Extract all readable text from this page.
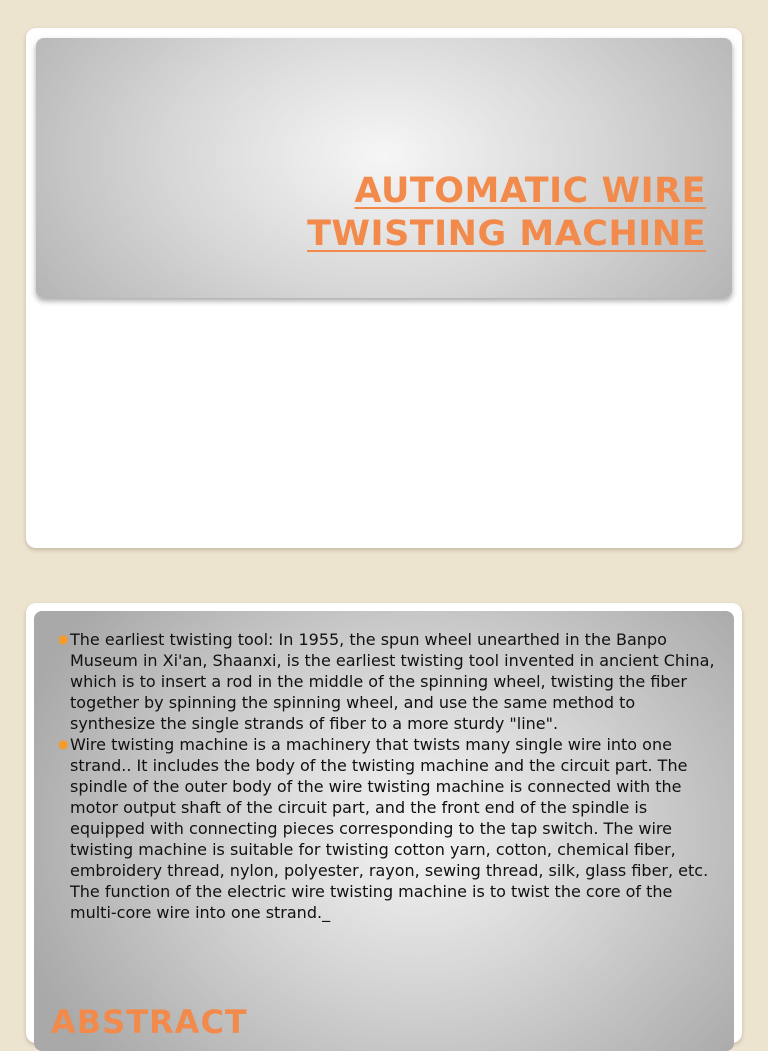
AUTOMATIC WIRE
TWISTING MACHINE
● The earliest twisting tool: In 1955, the spun wheel unearthed in the Banpo Museum in Xi'an, Shaanxi, is the earliest twisting tool invented in ancient China, which is to insert a rod in the middle of the spinning wheel, twisting the fiber together by spinning the spinning wheel, and use the same method to synthesize the single strands of fiber to a more sturdy "line".
● Wire twisting machine is a machinery that twists many single wire into one strand.. It includes the body of the twisting machine and the circuit part. The spindle of the outer body of the wire twisting machine is connected with the motor output shaft of the circuit part, and the front end of the spindle is equipped with connecting pieces corresponding to the tap switch. The wire twisting machine is suitable for twisting cotton yarn, cotton, chemical fiber, embroidery thread, nylon, polyester, rayon, sewing thread, silk, glass fiber, etc. The function of the electric wire twisting machine is to twist the core of the multi-core wire into one strand._
ABSTRACT
